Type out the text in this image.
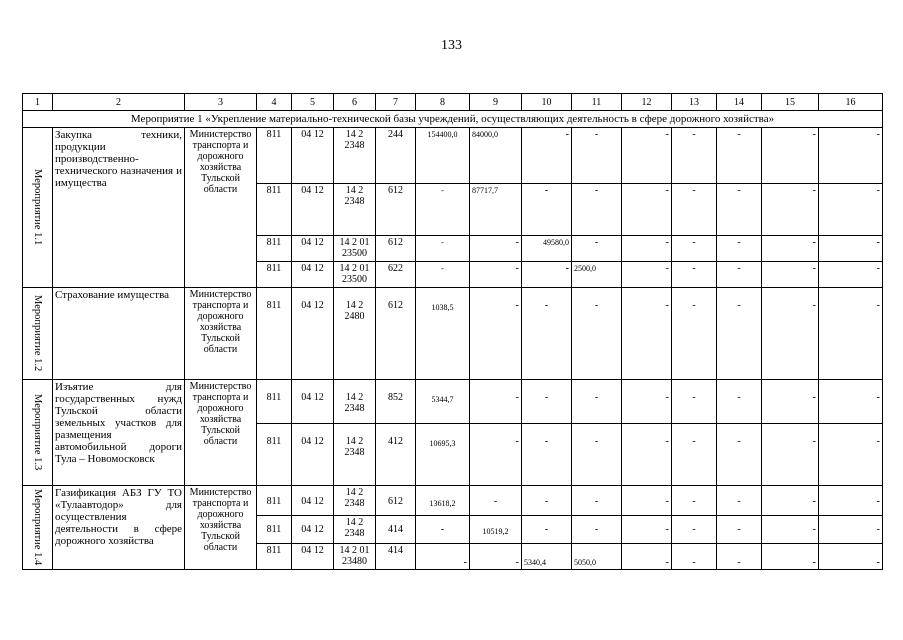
133
1	2	3	4	5	6	7	8	9	10	11	12	13	14	15	16
Мероприятие 1 «Укрепление материально-технической базы учреждений, осуществляющих деятельность в сфере дорожного хозяйства»															
Мероприятие 1.1	Закупка техники, продукции производственно-технического назначения и имущества	Министерство транспорта и дорожного хозяйства Тульской области	811	04 12	14 2 2348	244	154400,0	84000,0	-	-	-	-	-	-	-
			811	04 12	14 2 2348	612	-	87717,7	-	-	-	-	-	-	-
			811	04 12	14 2 01 23500	612	-	-	49580,0	-	-	-	-	-	-
			811	04 12	14 2 01 23500	622	-	-	-	2500,0	-	-	-	-	-
Мероприятие 1.2	Страхование имущества	Министерство транспорта и дорожного хозяйства Тульской области	811	04 12	14 2 2480	612	1038,5	-	-	-	-	-	-	-	-
Мероприятие 1.3	Изъятие для государственных нужд Тульской области земельных участков для размещения автомобильной дороги Тула – Новомосковск	Министерство транспорта и дорожного хозяйства Тульской области	811	04 12	14 2 2348	852	5344,7	-	-	-	-	-	-	-	-
			811	04 12	14 2 2348	412	10695,3	-	-	-	-	-	-	-	-
Мероприятие 1.4	Газификация АБЗ ГУ ТО «Тулаавтодор» для осуществления деятельности в сфере дорожного хозяйства	Министерство транспорта и дорожного хозяйства Тульской области	811	04 12	14 2 2348	612	13618,2	-	-	-	-	-	-	-	-
			811	04 12	14 2 2348	414	-	10519,2	-	-	-	-	-	-	-
			811	04 12	14 2 01 23480	414	-	-	5340,4	5050,0	-	-	-	-	-
